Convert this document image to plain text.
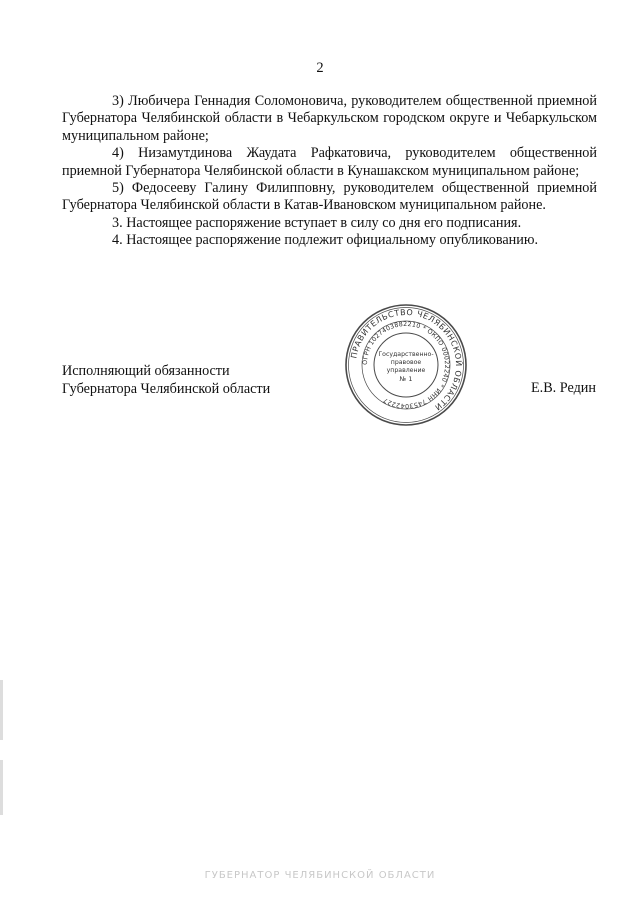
2

3) Любичера Геннадия Соломоновича, руководителем общественной приемной Губернатора Челябинской области в Чебаркульском городском округе и Чебаркульском муниципальном районе;

4) Низамутдинова Жаудата Рафкатовича, руководителем общественной приемной Губернатора Челябинской области в Кунашакском муниципальном районе;

5) Федосееву Галину Филипповну, руководителем общественной приемной Губернатора Челябинской области в Катав-Ивановском муниципальном районе.

3. Настоящее распоряжение вступает в силу со дня его подписания.

4. Настоящее распоряжение подлежит официальному опубликованию.

Исполняющий обязанности
Губернатора Челябинской области	Е.В. Редин
ПРАВИТЕЛЬСТВО ЧЕЛЯБИНСКОЙ ОБЛАСТИ
ОГРН 1027403882210 * ОКПО 00022240 * ИНН 7453042227
Государственно-
правовое
управление
№ 1
ГУБЕРНАТОР ЧЕЛЯБИНСКОЙ ОБЛАСТИ
